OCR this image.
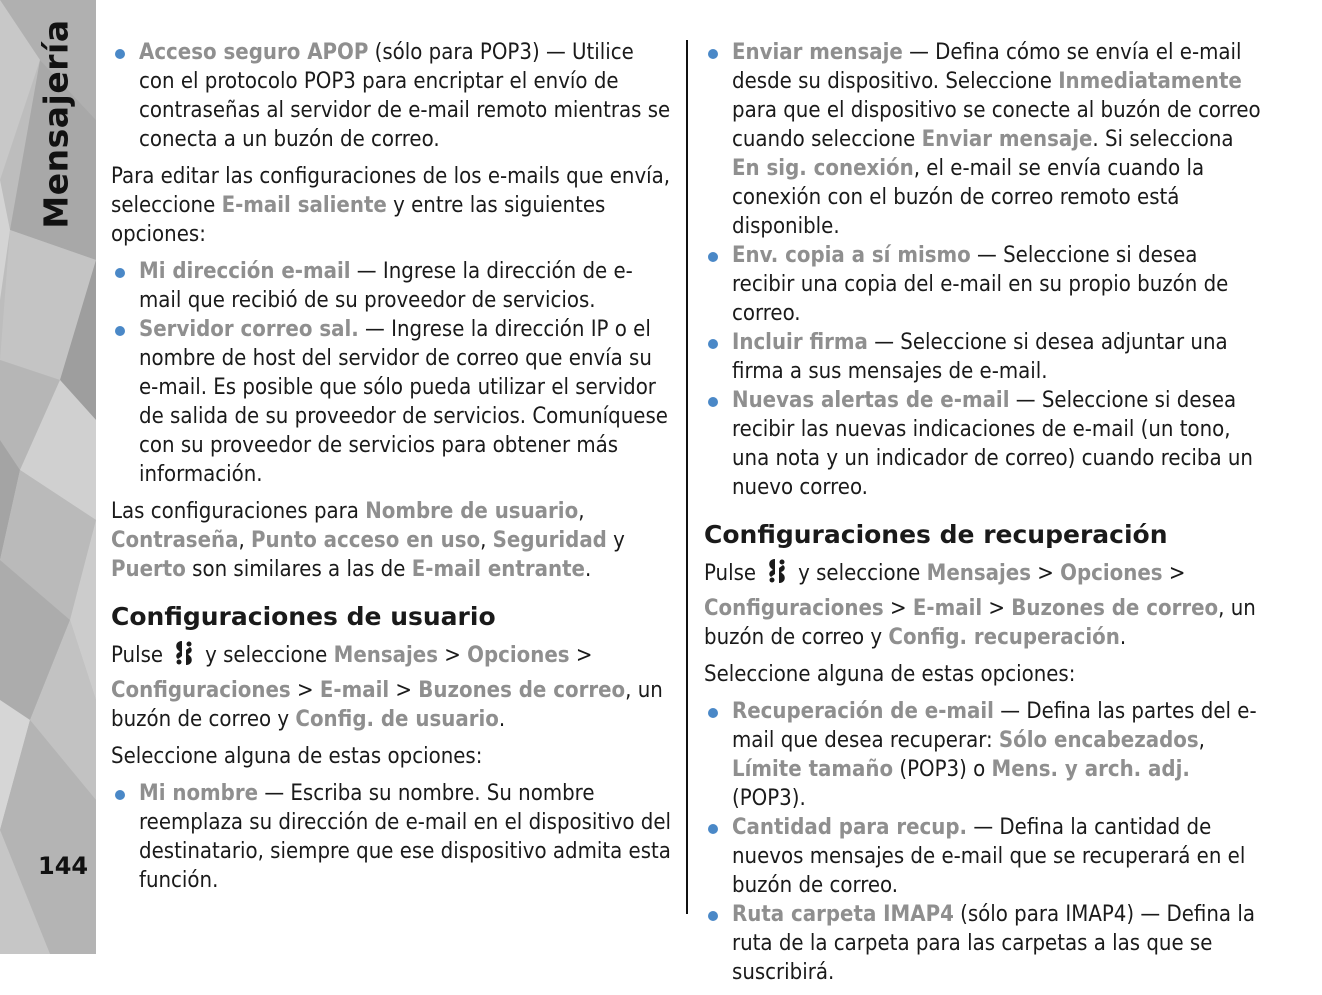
Mensajería
144
Acceso seguro APOP (sólo para POP3) — Utilice con el protocolo POP3 para encriptar el envío de contraseñas al servidor de e-mail remoto mientras se conecta a un buzón de correo.

Para editar las configuraciones de los e-mails que envía, seleccione E-mail saliente y entre las siguientes opciones:

Mi dirección e-mail — Ingrese la dirección de e-mail que recibió de su proveedor de servicios.
Servidor correo sal. — Ingrese la dirección IP o el nombre de host del servidor de correo que envía su e-mail. Es posible que sólo pueda utilizar el servidor de salida de su proveedor de servicios. Comuníquese con su proveedor de servicios para obtener más información.

Las configuraciones para Nombre de usuario, Contraseña, Punto acceso en uso, Seguridad y Puerto son similares a las de E-mail entrante.

Configuraciones de usuario

Pulse y seleccione Mensajes > Opciones > Configuraciones > E-mail > Buzones de correo, un buzón de correo y Config. de usuario.

Seleccione alguna de estas opciones:

Mi nombre — Escriba su nombre. Su nombre reemplaza su dirección de e-mail en el dispositivo del destinatario, siempre que ese dispositivo admita esta función.
Enviar mensaje — Defina cómo se envía el e-mail desde su dispositivo. Seleccione Inmediatamente para que el dispositivo se conecte al buzón de correo cuando seleccione Enviar mensaje. Si selecciona En sig. conexión, el e-mail se envía cuando la conexión con el buzón de correo remoto está disponible.
Env. copia a sí mismo — Seleccione si desea recibir una copia del e-mail en su propio buzón de correo.
Incluir firma — Seleccione si desea adjuntar una firma a sus mensajes de e-mail.
Nuevas alertas de e-mail — Seleccione si desea recibir las nuevas indicaciones de e-mail (un tono, una nota y un indicador de correo) cuando reciba un nuevo correo.
Configuraciones de recuperación

Pulse y seleccione Mensajes > Opciones > Configuraciones > E-mail > Buzones de correo, un buzón de correo y Config. recuperación.

Seleccione alguna de estas opciones:

Recuperación de e-mail — Defina las partes del e-mail que desea recuperar: Sólo encabezados, Límite tamaño (POP3) o Mens. y arch. adj. (POP3).
Cantidad para recup. — Defina la cantidad de nuevos mensajes de e-mail que se recuperará en el buzón de correo.
Ruta carpeta IMAP4 (sólo para IMAP4) — Defina la ruta de la carpeta para las carpetas a las que se suscribirá.
